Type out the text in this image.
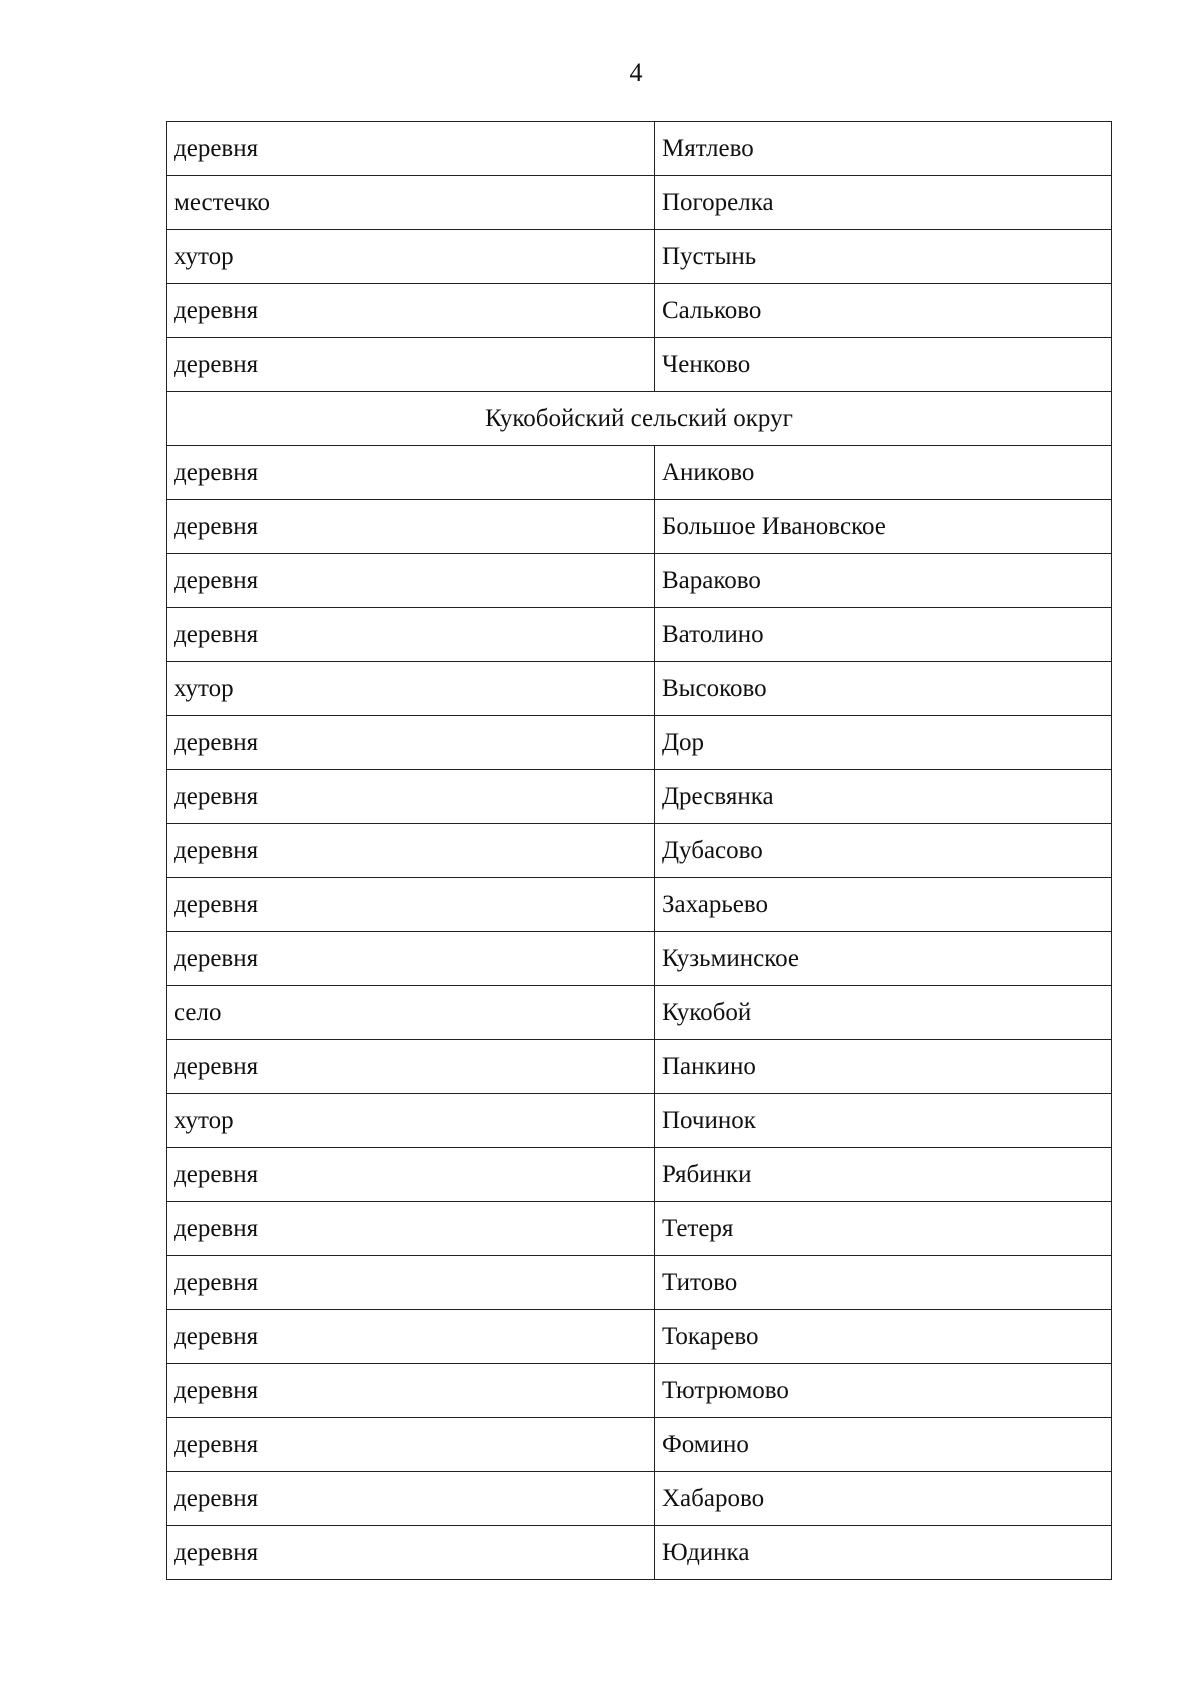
4
деревня	Мятлево
местечко	Погорелка
хутор	Пустынь
деревня	Сальково
деревня	Ченково
Кукобойский сельский округ	
деревня	Аниково
деревня	Большое Ивановское
деревня	Вараково
деревня	Ватолино
хутор	Высоково
деревня	Дор
деревня	Дресвянка
деревня	Дубасово
деревня	Захарьево
деревня	Кузьминское
село	Кукобой
деревня	Панкино
хутор	Починок
деревня	Рябинки
деревня	Тетеря
деревня	Титово
деревня	Токарево
деревня	Тютрюмово
деревня	Фомино
деревня	Хабарово
деревня	Юдинка
